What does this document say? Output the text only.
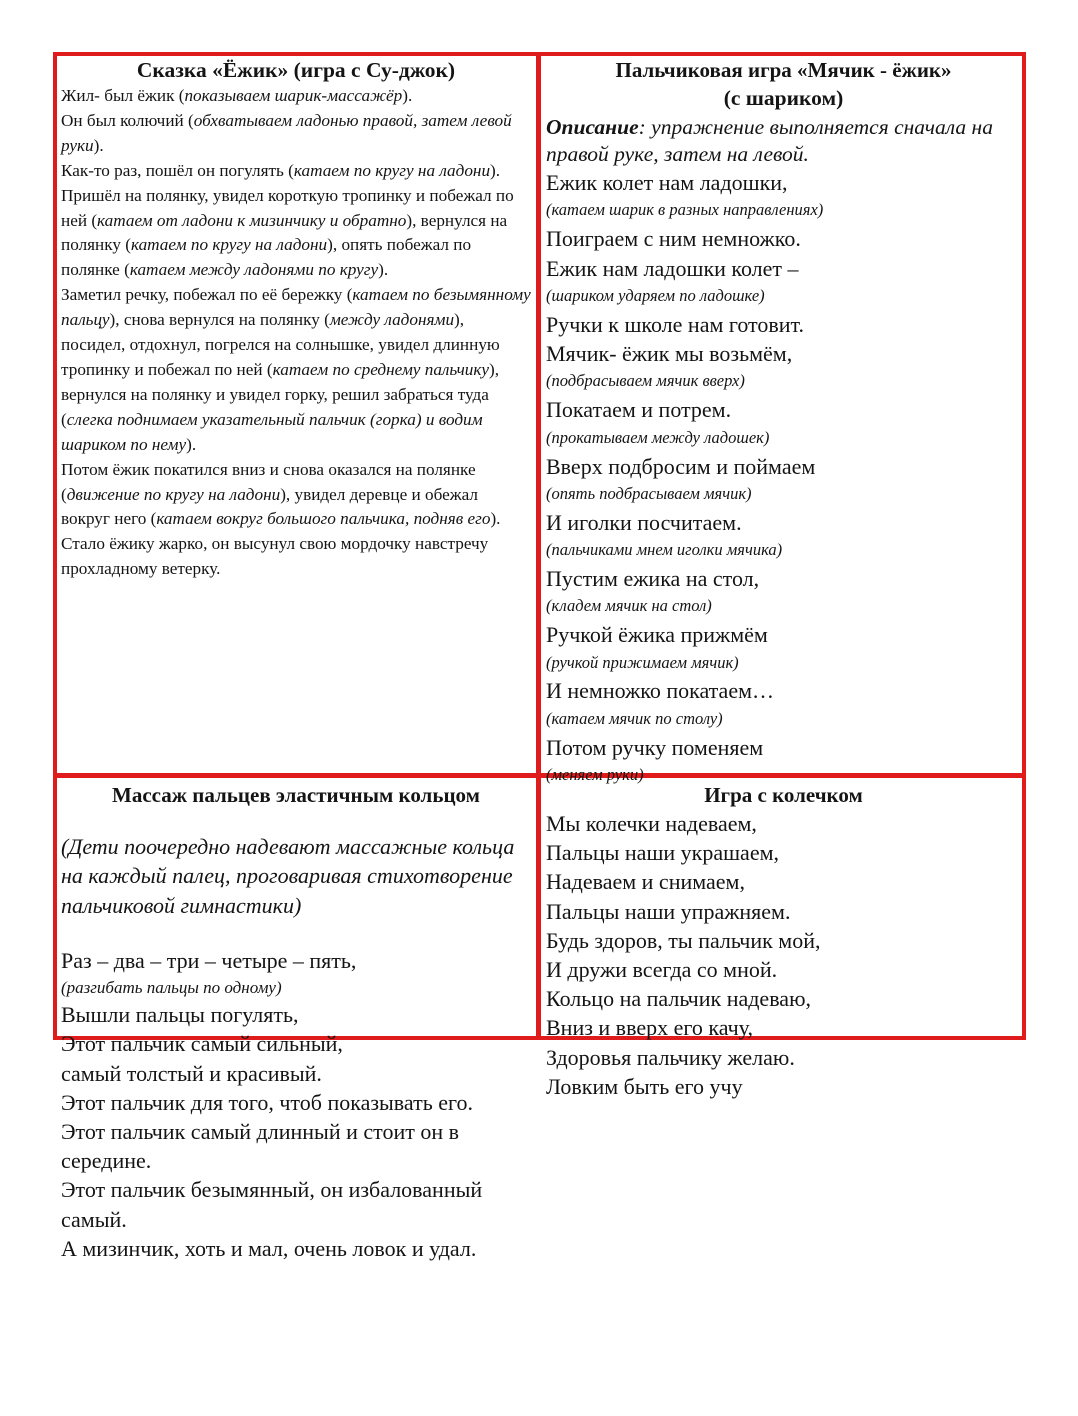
Сказка «Ёжик» (игра с Су-джок)

Жил- был ёжик (показываем шарик-массажёр).

Он был колючий (обхватываем ладонью правой, затем левой руки).

Как-то раз, пошёл он погулять (катаем по кругу на ладони).

Пришёл на полянку, увидел короткую тропинку и побежал по ней (катаем от ладони к мизинчику и обратно), вернулся на полянку (катаем по кругу на ладони), опять побежал по полянке (катаем между ладонями по кругу).

Заметил речку, побежал по её бережку (катаем по безымянному пальцу), снова вернулся на полянку (между ладонями), посидел, отдохнул, погрелся на солнышке, увидел длинную тропинку и побежал по ней (катаем по среднему пальчику), вернулся на полянку и увидел горку, решил забраться туда (слегка поднимаем указательный пальчик (горка) и водим шариком по нему).

Потом ёжик покатился вниз и снова оказался на полянке (движение по кругу на ладони), увидел деревце и обежал вокруг него (катаем вокруг большого пальчика, подняв его). Стало ёжику жарко, он высунул свою мордочку навстречу прохладному ветерку.

Пальчиковая игра «Мячик - ёжик»

(с шариком)

Описание: упражнение выполняется сначала на правой руке, затем на левой.

Ежик колет нам ладошки,

(катаем шарик в разных направлениях)

Поиграем с ним немножко.

Ежик нам ладошки колет –

(шариком ударяем по ладошке)

Ручки к школе нам готовит.

Мячик- ёжик мы возьмём,

(подбрасываем мячик вверх)

Покатаем и потрем.

(прокатываем между ладошек)

Вверх подбросим и поймаем

(опять подбрасываем мячик)

И иголки посчитаем.

(пальчиками мнем иголки мячика)

Пустим ежика на стол,

(кладем мячик на стол)

Ручкой ёжика прижмём

(ручкой прижимаем мячик)

И немножко покатаем…

(катаем мячик по столу)

Потом ручку поменяем

(меняем руки)

Массаж пальцев эластичным кольцом

(Дети поочередно надевают массажные кольца на каждый палец, проговаривая стихотворение пальчиковой гимнастики)

Игра с колечком

Мы колечки надеваем,

Пальцы наши украшаем,

Надеваем и снимаем,

Пальцы наши упражняем.

Будь здоров, ты пальчик мой,

И дружи всегда со мной.

Кольцо на пальчик надеваю,

Вниз и вверх его качу,

Здоровья пальчику желаю.

Ловким быть его учу

Раз – два – три – четыре – пять,

(разгибать пальцы по одному)

Вышли пальцы погулять,

Этот пальчик самый сильный,

самый толстый и красивый.

Этот пальчик для того, чтоб показывать его.

Этот пальчик самый длинный и стоит он в середине.

Этот пальчик безымянный, он избалованный самый.

А мизинчик, хоть и мал, очень ловок и удал.
